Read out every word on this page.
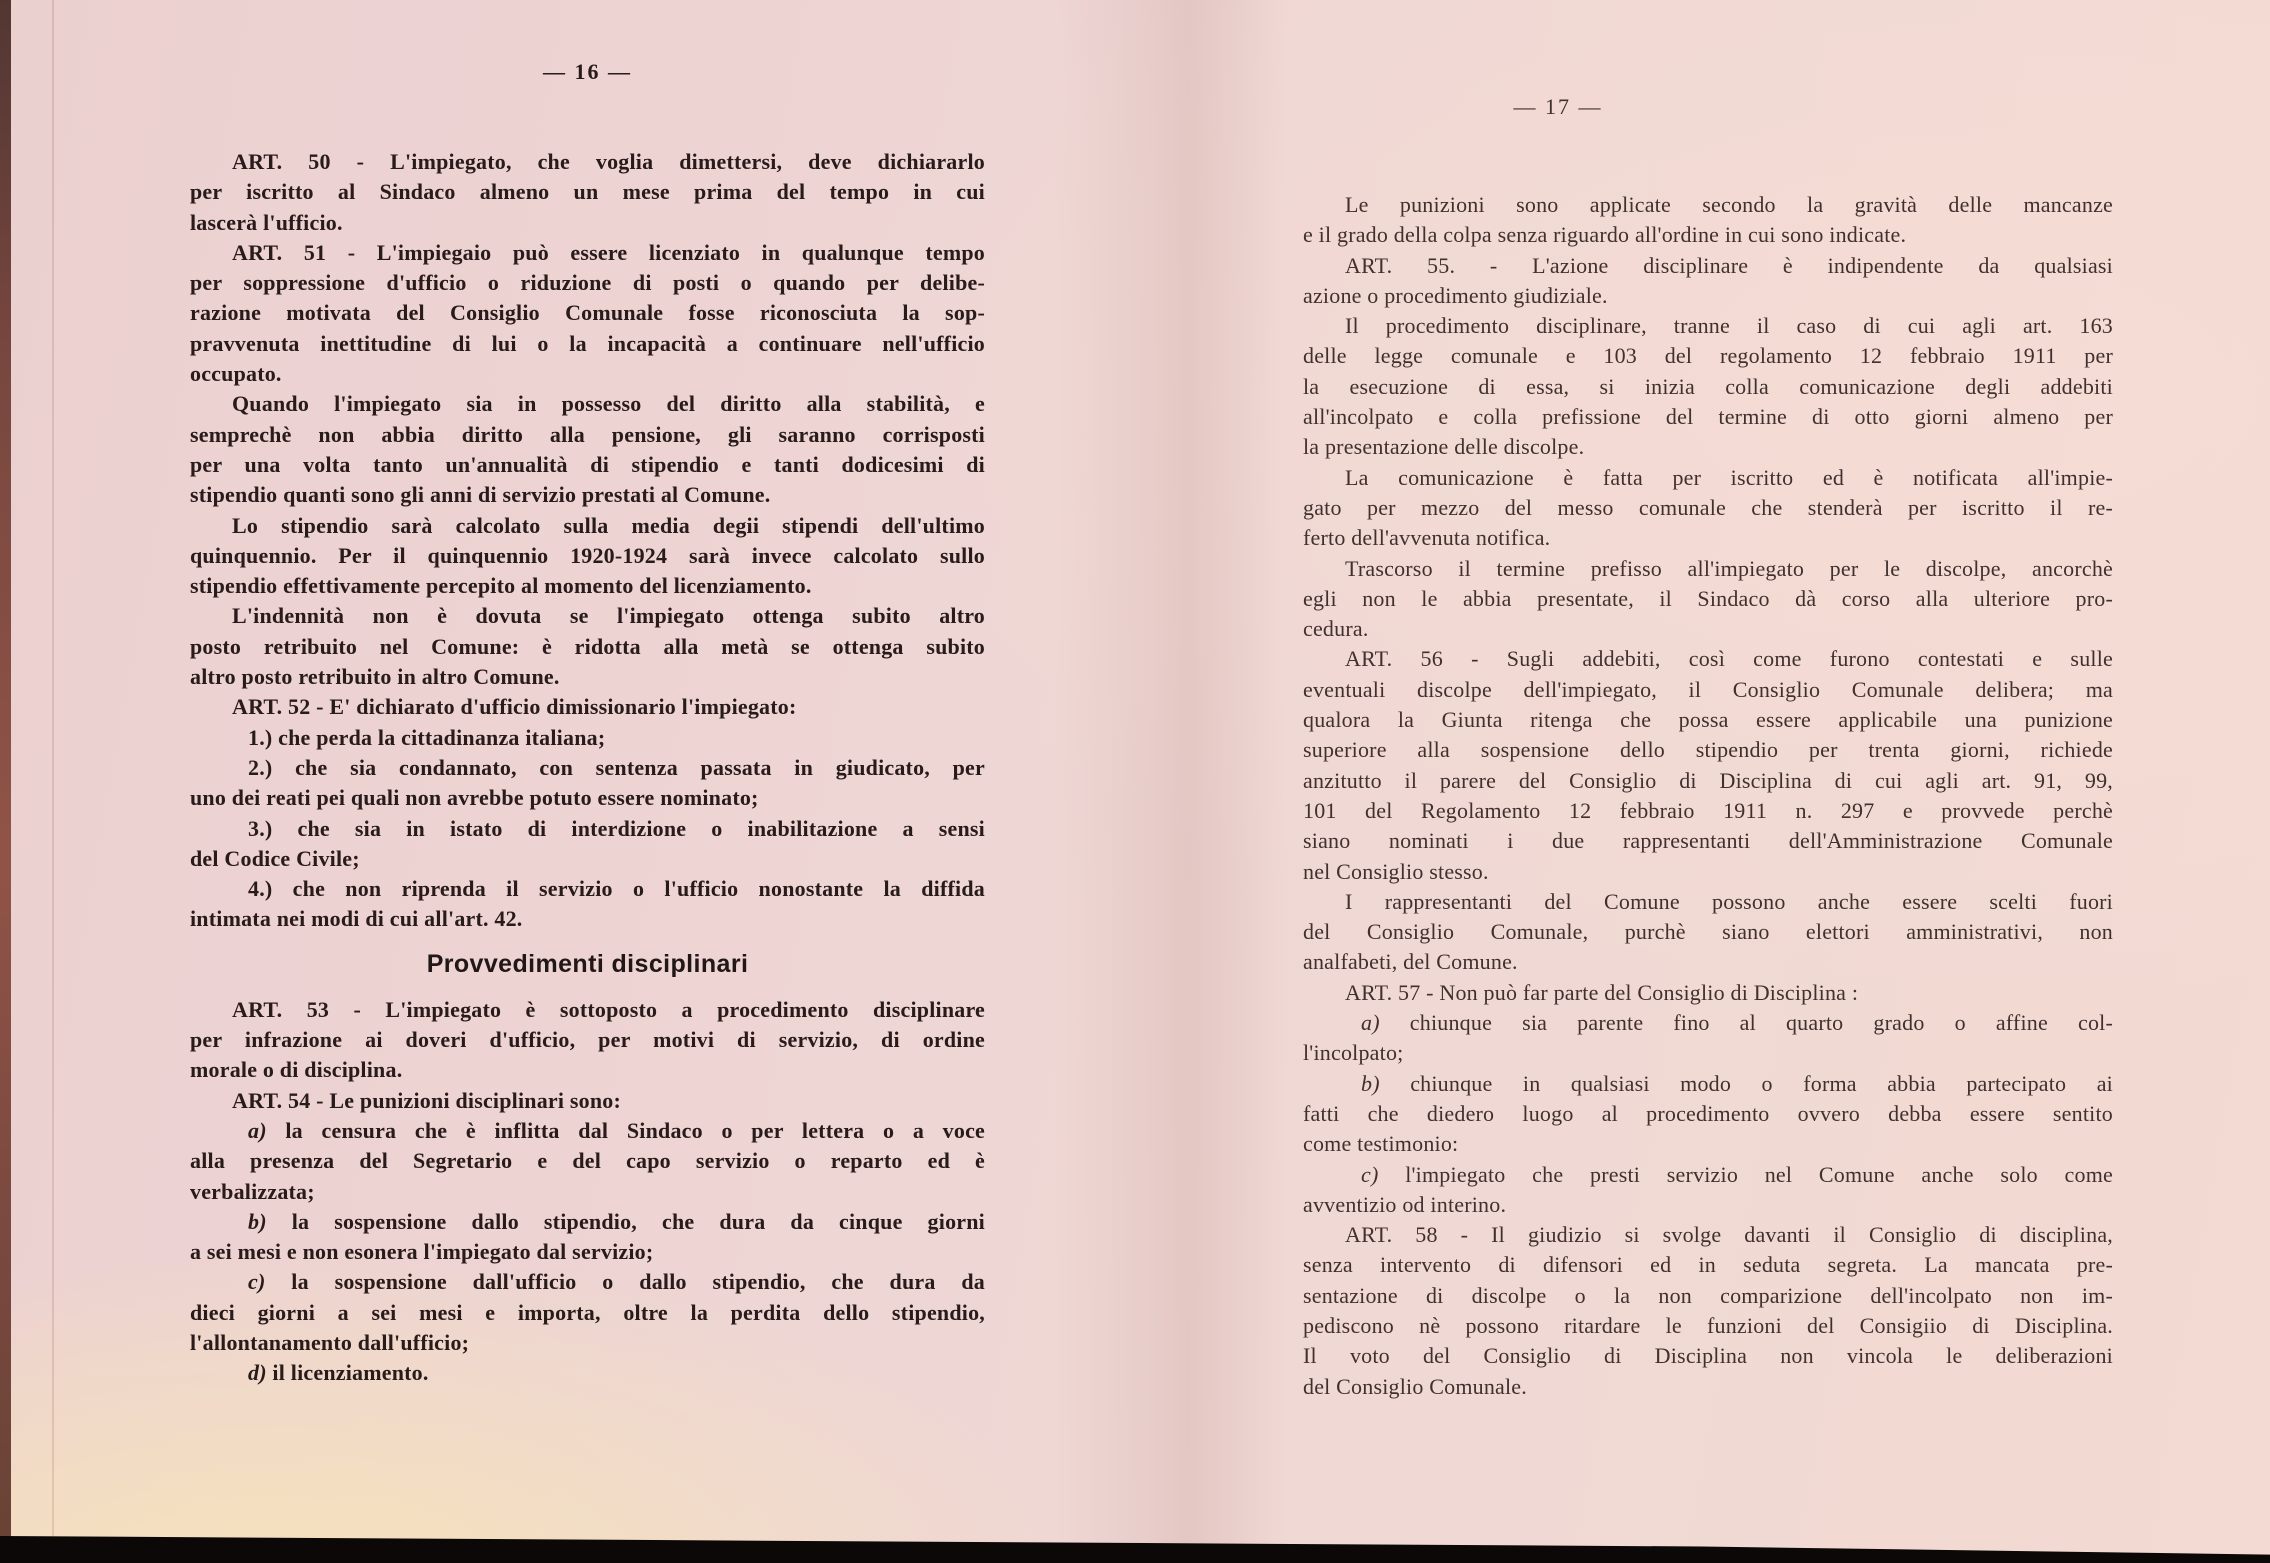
— 16 —
ART. 50 - L'impiegato, che voglia dimettersi, deve dichiararlo
per iscritto al Sindaco almeno un mese prima del tempo in cui
lascerà l'ufficio.
ART. 51 - L'impiegaio può essere licenziato in qualunque tempo
per soppressione d'ufficio o riduzione di posti o quando per delibe-
razione motivata del Consiglio Comunale fosse riconosciuta la sop-
pravvenuta inettitudine di lui o la incapacità a continuare nell'ufficio
occupato.
Quando l'impiegato sia in possesso del diritto alla stabilità, e
semprechè non abbia diritto alla pensione, gli saranno corrisposti
per una volta tanto un'annualità di stipendio e tanti dodicesimi di
stipendio quanti sono gli anni di servizio prestati al Comune.
Lo stipendio sarà calcolato sulla media degii stipendi dell'ultimo
quinquennio. Per il quinquennio 1920-1924 sarà invece calcolato sullo
stipendio effettivamente percepito al momento del licenziamento.
L'indennità non è dovuta se l'impiegato ottenga subito altro
posto retribuito nel Comune: è ridotta alla metà se ottenga subito
altro posto retribuito in altro Comune.
ART. 52 - E' dichiarato d'ufficio dimissionario l'impiegato:
1.) che perda la cittadinanza italiana;
2.) che sia condannato, con sentenza passata in giudicato, per
uno dei reati pei quali non avrebbe potuto essere nominato;
3.) che sia in istato di interdizione o inabilitazione a sensi
del Codice Civile;
4.) che non riprenda il servizio o l'ufficio nonostante la diffida
intimata nei modi di cui all'art. 42.
Provvedimenti disciplinari
ART. 53 - L'impiegato è sottoposto a procedimento disciplinare
per infrazione ai doveri d'ufficio, per motivi di servizio, di ordine
morale o di disciplina.
ART. 54 - Le punizioni disciplinari sono:
a) la censura che è inflitta dal Sindaco o per lettera o a voce
alla presenza del Segretario e del capo servizio o reparto ed è
verbalizzata;
b) la sospensione dallo stipendio, che dura da cinque giorni
a sei mesi e non esonera l'impiegato dal servizio;
c) la sospensione dall'ufficio o dallo stipendio, che dura da
dieci giorni a sei mesi e importa, oltre la perdita dello stipendio,
l'allontanamento dall'ufficio;
d) il licenziamento.
— 17 —
Le punizioni sono applicate secondo la gravità delle mancanze
e il grado della colpa senza riguardo all'ordine in cui sono indicate.
ART. 55. - L'azione disciplinare è indipendente da qualsiasi
azione o procedimento giudiziale.
Il procedimento disciplinare, tranne il caso di cui agli art. 163
delle legge comunale e 103 del regolamento 12 febbraio 1911 per
la esecuzione di essa, si inizia colla comunicazione degli addebiti
all'incolpato e colla prefissione del termine di otto giorni almeno per
la presentazione delle discolpe.
La comunicazione è fatta per iscritto ed è notificata all'impie-
gato per mezzo del messo comunale che stenderà per iscritto il re-
ferto dell'avvenuta notifica.
Trascorso il termine prefisso all'impiegato per le discolpe, ancorchè
egli non le abbia presentate, il Sindaco dà corso alla ulteriore pro-
cedura.
ART. 56 - Sugli addebiti, così come furono contestati e sulle
eventuali discolpe dell'impiegato, il Consiglio Comunale delibera; ma
qualora la Giunta ritenga che possa essere applicabile una punizione
superiore alla sospensione dello stipendio per trenta giorni, richiede
anzitutto il parere del Consiglio di Disciplina di cui agli art. 91, 99,
101 del Regolamento 12 febbraio 1911 n. 297 e provvede perchè
siano nominati i due rappresentanti dell'Amministrazione Comunale
nel Consiglio stesso.
I rappresentanti del Comune possono anche essere scelti fuori
del Consiglio Comunale, purchè siano elettori amministrativi, non
analfabeti, del Comune.
ART. 57 - Non può far parte del Consiglio di Disciplina :
a) chiunque sia parente fino al quarto grado o affine col-
l'incolpato;
b) chiunque in qualsiasi modo o forma abbia partecipato ai
fatti che diedero luogo al procedimento ovvero debba essere sentito
come testimonio:
c) l'impiegato che presti servizio nel Comune anche solo come
avventizio od interino.
ART. 58 - Il giudizio si svolge davanti il Consiglio di disciplina,
senza intervento di difensori ed in seduta segreta. La mancata pre-
sentazione di discolpe o la non comparizione dell'incolpato non im-
pediscono nè possono ritardare le funzioni del Consigiio di Disciplina.
Il voto del Consiglio di Disciplina non vincola le deliberazioni
del Consiglio Comunale.
